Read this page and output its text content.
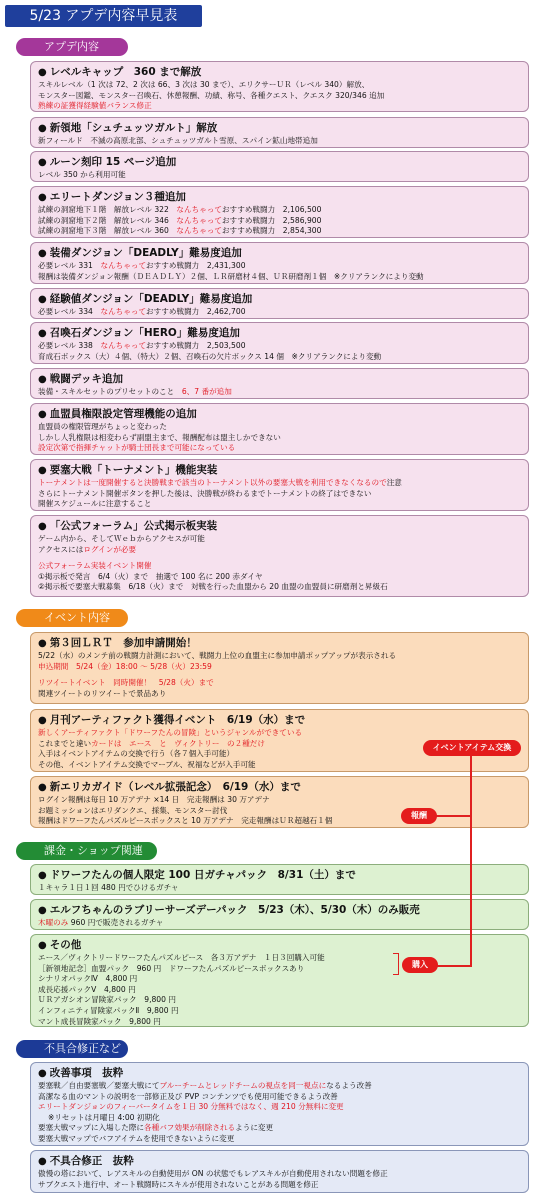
5/23 アプデ内容早見表
アプデ内容
● レベルキャップ　360 まで解放
スキルレベル（1 次は 72、2 次は 66、3 次は 30 まで）、エリクサーＵＲ（レベル 340）解放、
モンスター図鑑、モンスター召喚石、休憩報酬、功績、称号、各種クエスト、クエスク 320/346 追加
熟練の証獲得経験値バランス修正
● 新領地「シュチュッツガルト」解放
新フィールド　不滅の高原北部、シュチュッツガルト雪原、スパイン鉱山地帯追加
● ルーン刻印 15 ページ追加
レベル 350 から利用可能
● エリートダンジョン３種追加
試練の洞窟地下１階　解放レベル 322　なんちゃっておすすめ戦闘力　2,106,500
試練の洞窟地下２階　解放レベル 346　なんちゃっておすすめ戦闘力　2,586,900
試練の洞窟地下３階　解放レベル 360　なんちゃっておすすめ戦闘力　2,854,300
● 装備ダンジョン「DEADLY」難易度追加
必要レベル 331　なんちゃっておすすめ戦闘力　2,431,300
報酬は装備ダンジョン報酬（ＤＥＡＤＬＹ）２個、ＬＲ研磨材４個、ＵＲ研磨剤１個　※クリアランクにより変動
● 経験値ダンジョン「DEADLY」難易度追加
必要レベル 334　なんちゃっておすすめ戦闘力　2,462,700
● 召喚石ダンジョン「HERO」難易度追加
必要レベル 338　なんちゃっておすすめ戦闘力　2,503,500
育成石ボックス（大）４個、（特大）２個、召喚石の欠片ボックス 14 個　※クリアランクにより変動
● 戦闘デッキ追加
装備・スキルセットのプリセットのこと　6、7 番が追加
● 血盟員権限設定管理機能の追加
血盟員の権限管理がちょっと変わった
しかし人乳権限は相変わらず副盟主まで、報酬配布は盟主しかできない
設定次第で指揮チャットが騎士団長まで可能になっている
● 要塞大戦「トーナメント」機能実装
トーナメントは一度開催すると決勝戦まで該当のトーナメント以外の要塞大戦を利用できなくなるので注意
さらにトーナメント開催ボタンを押した後は、決勝戦が終わるまでトーナメントの終了はできない
開催スケジュールに注意すること
● 「公式フォーラム」公式掲示板実装
ゲーム内から、そしてＷｅｂからアクセスが可能
アクセスにはログインが必要
公式フォーラム実装イベント開催
①掲示板で発言　6/4（火）まで　抽選で 100 名に 200 赤ダイヤ
②掲示板で要塞大戦募集　6/18（火）まで　対戦を行った血盟から 20 血盟の血盟員に研磨剤と昇級石
イベント内容
● 第３回ＬＲＴ　参加申請開始！
5/22（水）のメンテ前の戦闘力計測において、戦闘力上位の血盟主に参加申請ポップアップが表示される
申込期間　5/24（金）18:00 〜 5/28（火）23:59
リツイートイベント　同時開催！　5/28（火）まで
関連ツイートのリツイートで景品あり
● 月刊アーティファクト獲得イベント　6/19（水）まで
新しくアーティファクト「ドワーフたんの冒険」というジャンルができている
これまでと違いカードは　エース　と　ヴィクトリー　の２種だけ
入手はイベントアイテムの交換で行う（各７個入手可能）
その他、イベントアイテム交換でマーブル、祝福などが入手可能
● 新エリカガイド（レベル拡張記念）　6/19（水）まで
ログイン報酬は毎日 10 万アデナ ×14 日　完走報酬は 30 万アデナ
お題ミッションはエリダンクエ、採集、モンスター討伐
報酬はドワーフたんパズルピースボックスと 10 万アデナ　完走報酬はＵＲ超越石１個
課金・ショップ関連
● ドワーフたんの個人限定 100 日ガチャパック　8/31（土）まで
１キャラ１日１回 480 円でひけるガチャ
● エルフちゃんのラブリーサーズデーパック　5/23（木）、5/30（木）のみ販売
木曜のみ 960 円で販売されるガチャ
● その他
エース／ヴィクトリードワーフたんパズルピース　各３万アデナ　１日３回購入可能
［新領地記念］血盟パック　960 円　ドワーフたんパズルピースボックスあり
シナリオパックⅣ　4,800 円
成長応援パックⅤ　4,800 円
ＵＲアガシオン冒険家パック　9,800 円
インフィニティ冒険家パックⅡ　9,800 円
マント成長冒険家パック　9,800 円
不具合修正など
● 改善事項　抜粋
要塞戦／自由要塞戦／要塞大戦にてブルーチームとレッドチームの視点を同一視点になるよう改善
高潔なる血のマントの説明を一部修正及び PVP コンテンツでも使用可能できるよう改善
エリートダンジョンのフィーバータイムを１日 30 分無料ではなく、週 210 分無料に変更
※リセットは月曜日 4:00 初期化
要塞大戦マップに入場した際に各種バフ効果が削除されるように変更
要塞大戦マップでバフアイテムを使用できないように変更
● 不具合修正　抜粋
傲慢の塔において、レアスキルの自動使用が ON の状態でもレアスキルが自動使用されない問題を修正
サブクエスト進行中、オート戦闘時にスキルが使用されないことがある問題を修正
イベントアイテム交換
報酬
購入
